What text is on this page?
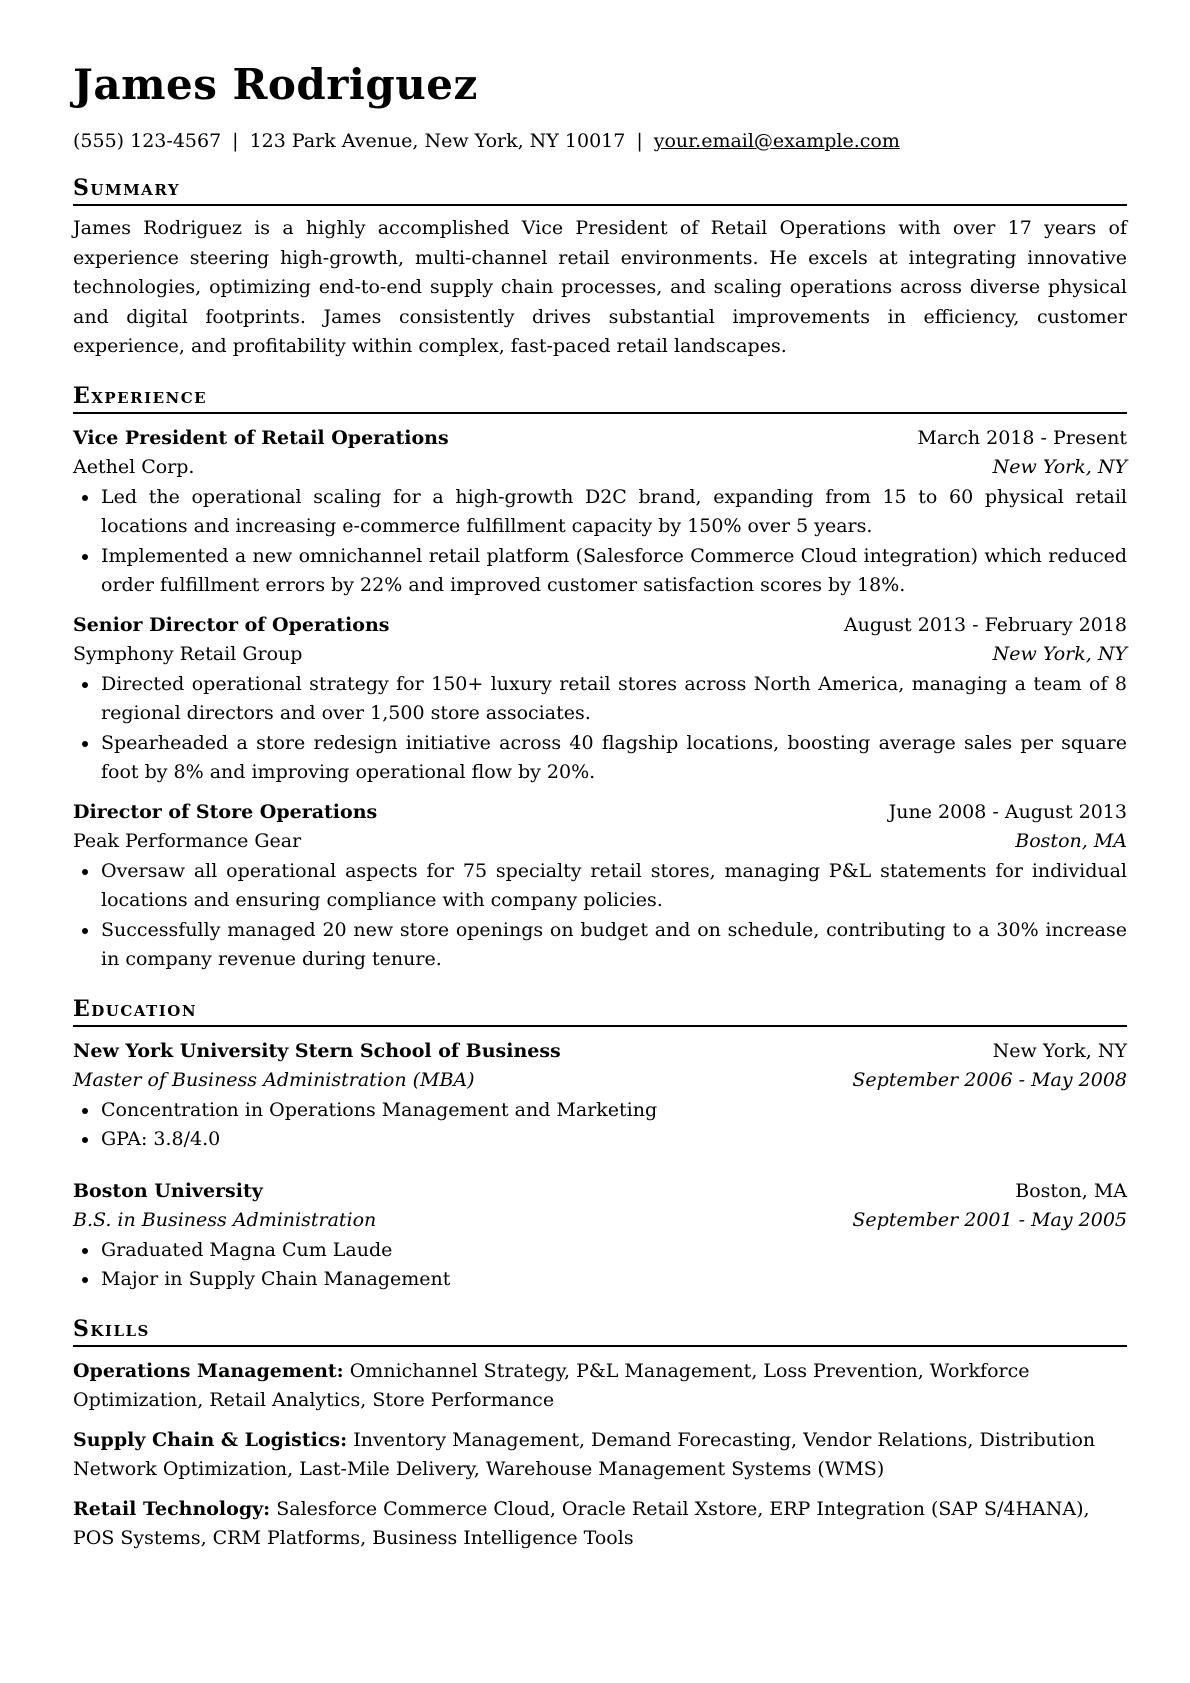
James Rodriguez
(555) 123-4567 | 123 Park Avenue, New York, NY 10017 | your.email@example.com
Summary

James Rodriguez is a highly accomplished Vice President of Retail Operations with over 17 years of experience steering high-growth, multi-channel retail environments. He excels at integrating innovative technologies, optimizing end-to-end supply chain processes, and scaling operations across diverse physical and digital footprints. James consistently drives substantial improvements in efficiency, customer experience, and profitability within complex, fast-paced retail landscapes.

Experience
Vice President of Retail Operations	March 2018 - Present
Aethel Corp.	New York, NY
Led the operational scaling for a high-growth D2C brand, expanding from 15 to 60 physical retail locations and increasing e-commerce fulfillment capacity by 150% over 5 years.
Implemented a new omnichannel retail platform (Salesforce Commerce Cloud integration) which reduced order fulfillment errors by 22% and improved customer satisfaction scores by 18%.
Senior Director of Operations	August 2013 - February 2018
Symphony Retail Group	New York, NY
Directed operational strategy for 150+ luxury retail stores across North America, managing a team of 8 regional directors and over 1,500 store associates.
Spearheaded a store redesign initiative across 40 flagship locations, boosting average sales per square foot by 8% and improving operational flow by 20%.
Director of Store Operations	June 2008 - August 2013
Peak Performance Gear	Boston, MA
Oversaw all operational aspects for 75 specialty retail stores, managing P&L statements for individual locations and ensuring compliance with company policies.
Successfully managed 20 new store openings on budget and on schedule, contributing to a 30% increase in company revenue during tenure.
Education
New York University Stern School of Business	New York, NY
Master of Business Administration (MBA)	September 2006 - May 2008
Concentration in Operations Management and Marketing
GPA: 3.8/4.0
Boston University	Boston, MA
B.S. in Business Administration	September 2001 - May 2005
Graduated Magna Cum Laude
Major in Supply Chain Management
Skills
Operations Management: Omnichannel Strategy, P&L Management, Loss Prevention, Workforce Optimization, Retail Analytics, Store Performance
Supply Chain & Logistics: Inventory Management, Demand Forecasting, Vendor Relations, Distribution Network Optimization, Last-Mile Delivery, Warehouse Management Systems (WMS)
Retail Technology: Salesforce Commerce Cloud, Oracle Retail Xstore, ERP Integration (SAP S/4HANA), POS Systems, CRM Platforms, Business Intelligence Tools
